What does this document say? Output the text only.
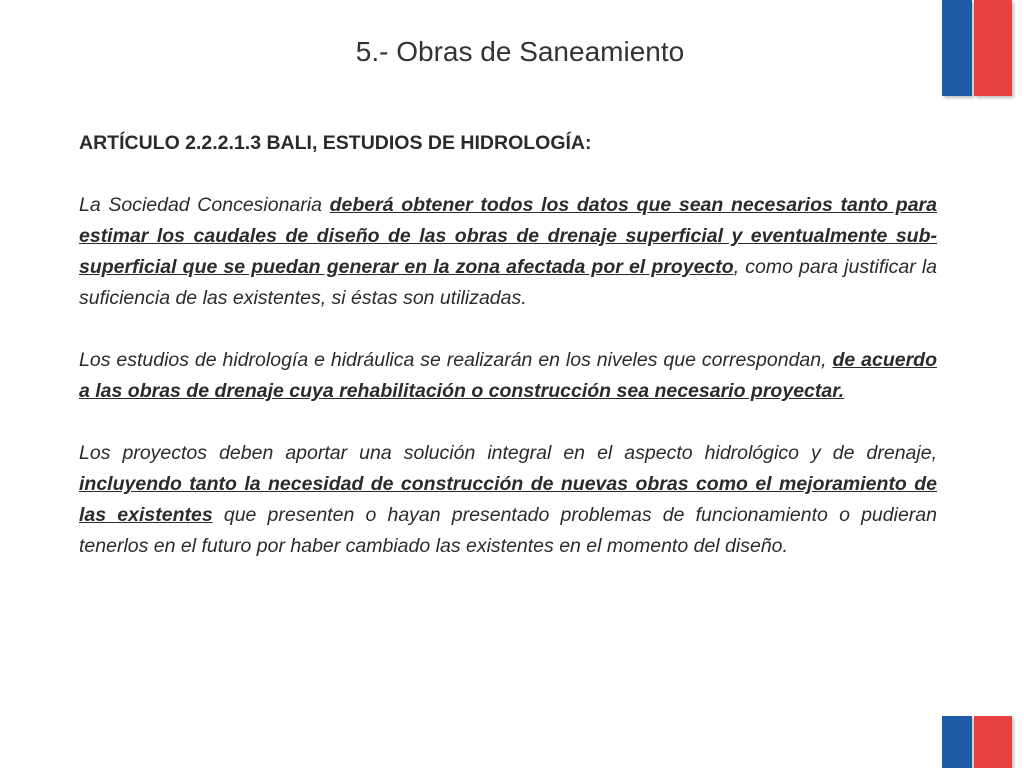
5.- Obras de Saneamiento

ARTÍCULO 2.2.2.1.3 BALI, ESTUDIOS DE HIDROLOGÍA:

La Sociedad Concesionaria deberá obtener todos los datos que sean necesarios tanto para estimar los caudales de diseño de las obras de drenaje superficial y eventualmente sub-superficial que se puedan generar en la zona afectada por el proyecto, como para justificar la suficiencia de las existentes, si éstas son utilizadas.

Los estudios de hidrología e hidráulica se realizarán en los niveles que correspondan, de acuerdo a las obras de drenaje cuya rehabilitación o construcción sea necesario proyectar.

Los proyectos deben aportar una solución integral en el aspecto hidrológico y de drenaje, incluyendo tanto la necesidad de construcción de nuevas obras como el mejoramiento de las existentes que presenten o hayan presentado problemas de funcionamiento o pudieran tenerlos en el futuro por haber cambiado las existentes en el momento del diseño.
